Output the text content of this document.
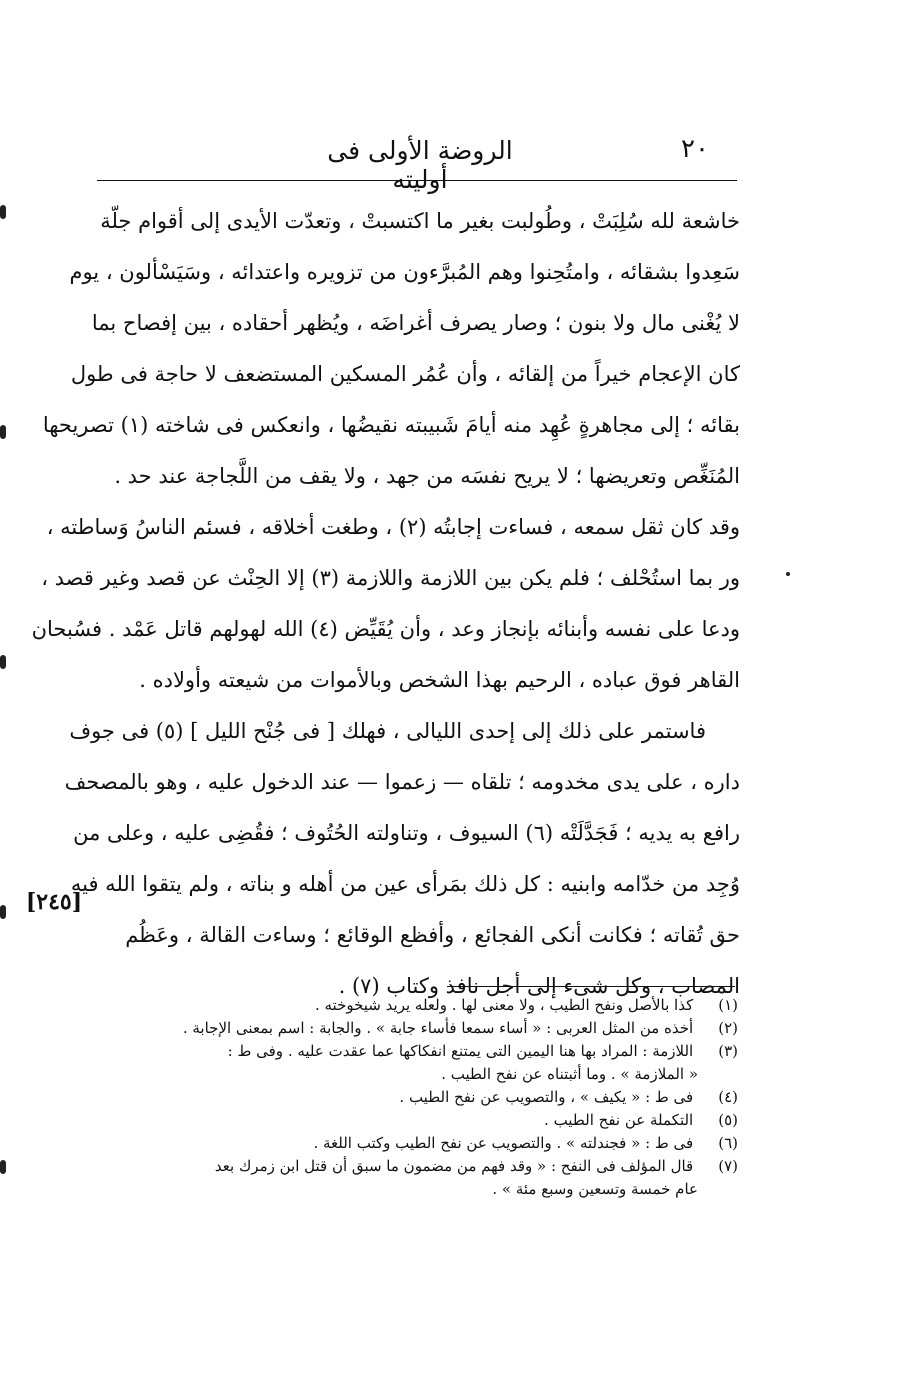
٢٠
الروضة الأولى فى أوليته
خاشعة لله سُلِبَتْ ، وطُولبت بغير ما اكتسبتْ ، وتعدّت الأيدى إلى أقوام جلّة
سَعِدوا بشقائه ، وامتُحِنوا وهم المُبرَّءون من تزويره واعتدائه ، وسَيَسْألون ، يوم
لا يُغْنى مال ولا بنون ؛ وصار يصرف أغراضَه ، ويُظهر أحقاده ، بين إفصاح بما
كان الإعجام خيراً من إلقائه ، وأن عُمُر المسكين المستضعف لا حاجة فى طول
بقائه ؛ إلى مجاهرةٍ عُهِد منه أيامَ شَبيبته نقيضُها ، وانعكس فى شاخته (١) تصريحها
المُنَغِّص وتعريضها ؛ لا يريح نفسَه من جهد ، ولا يقف من اللَّجاجة عند حد .
وقد كان ثقل سمعه ، فساءت إجابتُه (٢) ، وطغت أخلاقه ، فسئم الناسُ وَساطته ،
ور بما استُحْلف ؛ فلم يكن بين اللازمة واللازمة (٣) إلا الحِنْث عن قصد وغير قصد ،
ودعا على نفسه وأبنائه بإنجاز وعد ، وأن يُقَيِّض (٤) الله لهولهم قاتل عَمْد . فسُبحان
القاهر فوق عباده ، الرحيم بهذا الشخص وبالأموات من شيعته وأولاده .
فاستمر على ذلك إلى إحدى الليالى ، فهلك [ فى جُنْح الليل ] (٥) فى جوف
داره ، على يدى مخدومه ؛ تلقاه — زعموا — عند الدخول عليه ، وهو بالمصحف
رافع به يديه ؛ فَجَدَّلَتْه (٦) السيوف ، وتناولته الحُتُوف ؛ فقُضِى عليه ، وعلى من
وُجِد من خدّامه وابنيه : كل ذلك بمَرأى عين من أهله و بناته ، ولم يتقوا الله فيه
حق تُقاته ؛ فكانت أنكى الفجائع ، وأفظع الوقائع ؛ وساءت القالة ، وعَظُم
المصاب ، وكل شىء إلى أجل نافذ وكتاب (٧) .
[٢٤٥]
(١) كذا بالأصل ونفح الطيب ، ولا معنى لها . ولعله يريد شيخوخته .
(٢) أخذه من المثل العربى : « أساء سمعا فأساء جابة » . والجابة : اسم بمعنى الإجابة .
(٣) اللازمة : المراد بها هنا اليمين التى يمتنع انفكاكها عما عقدت عليه . وفى ط :
« الملازمة » . وما أثبتناه عن نفح الطيب .
(٤) فى ط : « يكيف » ، والتصويب عن نفح الطيب .
(٥) التكملة عن نفح الطيب .
(٦) فى ط : « فجندلته » . والتصويب عن نفح الطيب وكتب اللغة .
(٧) قال المؤلف فى النفح : « وقد فهم من مضمون ما سبق أن قتل ابن زمرك بعد
عام خمسة وتسعين وسبع مئة » .
